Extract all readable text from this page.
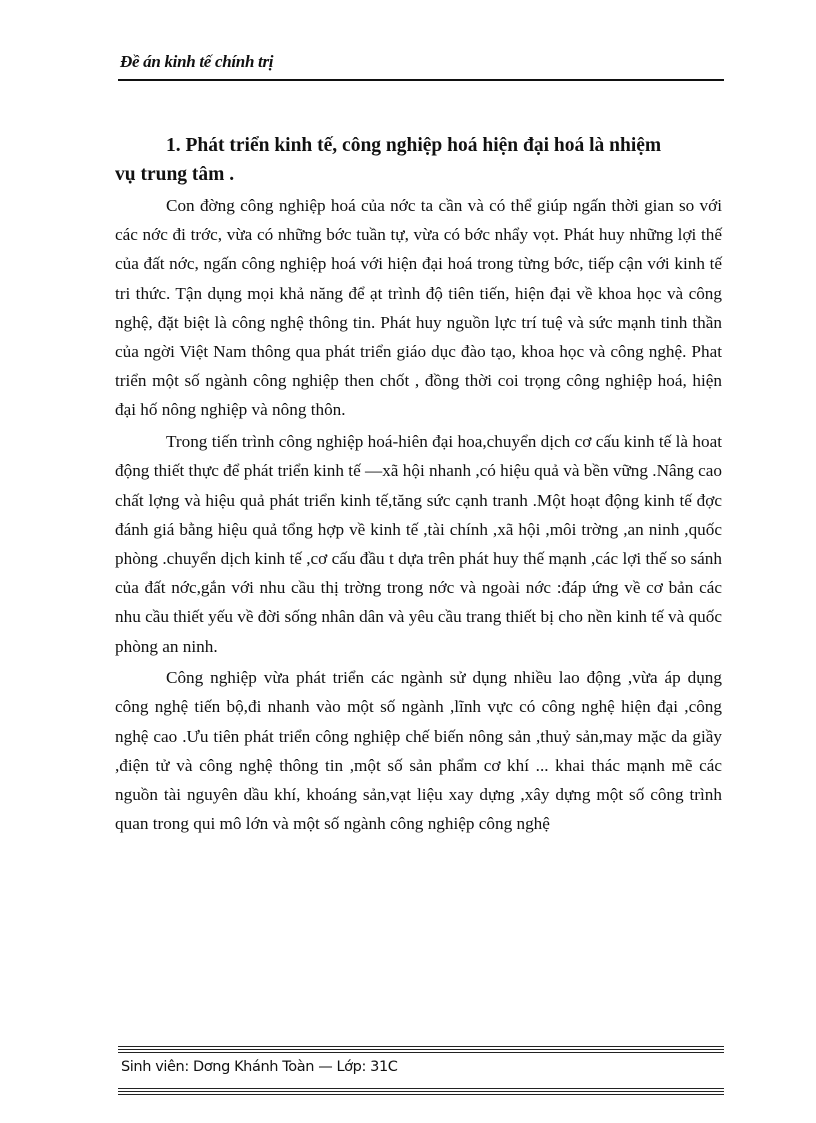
Đề án kinh tế chính trị
1. Phát triển kinh tế, công nghiệp hoá hiện đại hoá là nhiệm
vụ trung tâm .

Con đờng công nghiệp hoá của nớc ta cần và có thể giúp ngấn thời gian so với các nớc đi trớc, vừa có những bớc tuần tự, vừa có bớc nhẩy vọt. Phát huy những lợi thế của đất nớc, ngấn công nghiệp hoá với hiện đại hoá trong từng bớc, tiếp cận với kinh tế tri thức. Tận dụng mọi khả năng để ạt trình độ tiên tiến, hiện đại về khoa học và công nghệ, đặt biệt là công nghệ thông tin. Phát huy nguồn lực trí tuệ và sức mạnh tinh thần của ngời Việt Nam thông qua phát triển giáo dục đào tạo, khoa học và công nghệ. Phat triển một số ngành công nghiệp then chốt , đồng thời coi trọng công nghiệp hoá, hiện đại hố nông nghiệp và nông thôn.

Trong tiến trình công nghiệp hoá-hiên đại hoa,chuyển dịch cơ cấu kinh tế là hoat động thiết thực để phát triển kinh tế —xã hội nhanh ,có hiệu quả và bền vững .Nâng cao chất lợng và hiệu quả phát triển kinh tế,tăng sức cạnh tranh .Một hoạt động kinh tế đợc đánh giá bằng hiệu quả tổng hợp về kinh tế ,tài chính ,xã hội ,môi trờng ,an ninh ,quốc phòng .chuyển dịch kinh tế ,cơ cấu đầu t dựa trên phát huy thế mạnh ,các lợi thế so sánh của đất nớc,gắn với nhu cầu thị trờng trong nớc và ngoài nớc :đáp ứng về cơ bản các nhu cầu thiết yếu về đời sống nhân dân và yêu cầu trang thiết bị cho nền kinh tế và quốc phòng an ninh.

Công nghiệp vừa phát triển các ngành sử dụng nhiều lao động ,vừa áp dụng công nghệ tiến bộ,đi nhanh vào một số ngành ,lĩnh vực có công nghệ hiện đại ,công nghệ cao .Ưu tiên phát triển công nghiệp chế biến nông sản ,thuỷ sản,may mặc da giầy ,điện tử và công nghệ thông tin ,một số sản phẩm cơ khí ... khai thác mạnh mẽ các nguồn tài nguyên dầu khí, khoáng sản,vạt liệu xay dựng ,xây dựng một số công trình quan trong qui mô lớn và một số ngành công nghiệp công nghệ

Sinh viên: Dơng Khánh Toàn — Lớp: 31C
